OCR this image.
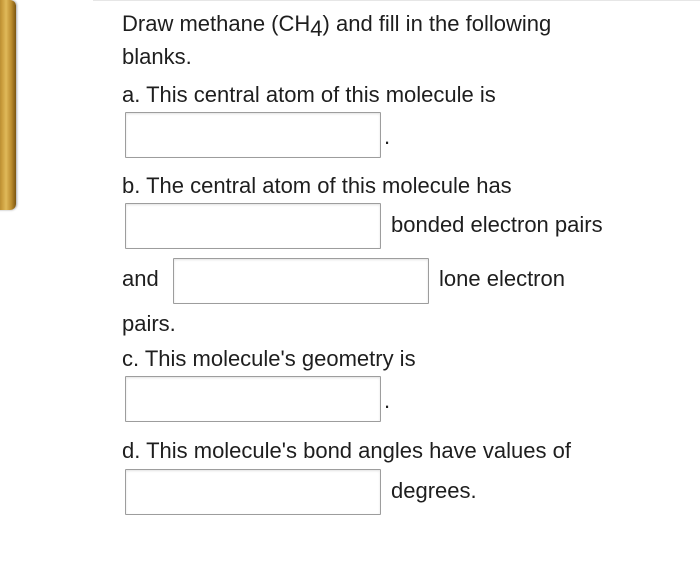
Draw methane $(CH_4)$ and fill in the following

blanks.

a. This central atom of this molecule is

.

b. The central atom of this molecule has

bonded electron pairs

and	lone electron

pairs.

c. This molecule's geometry is

.

d. This molecule's bond angles have values of

degrees.
